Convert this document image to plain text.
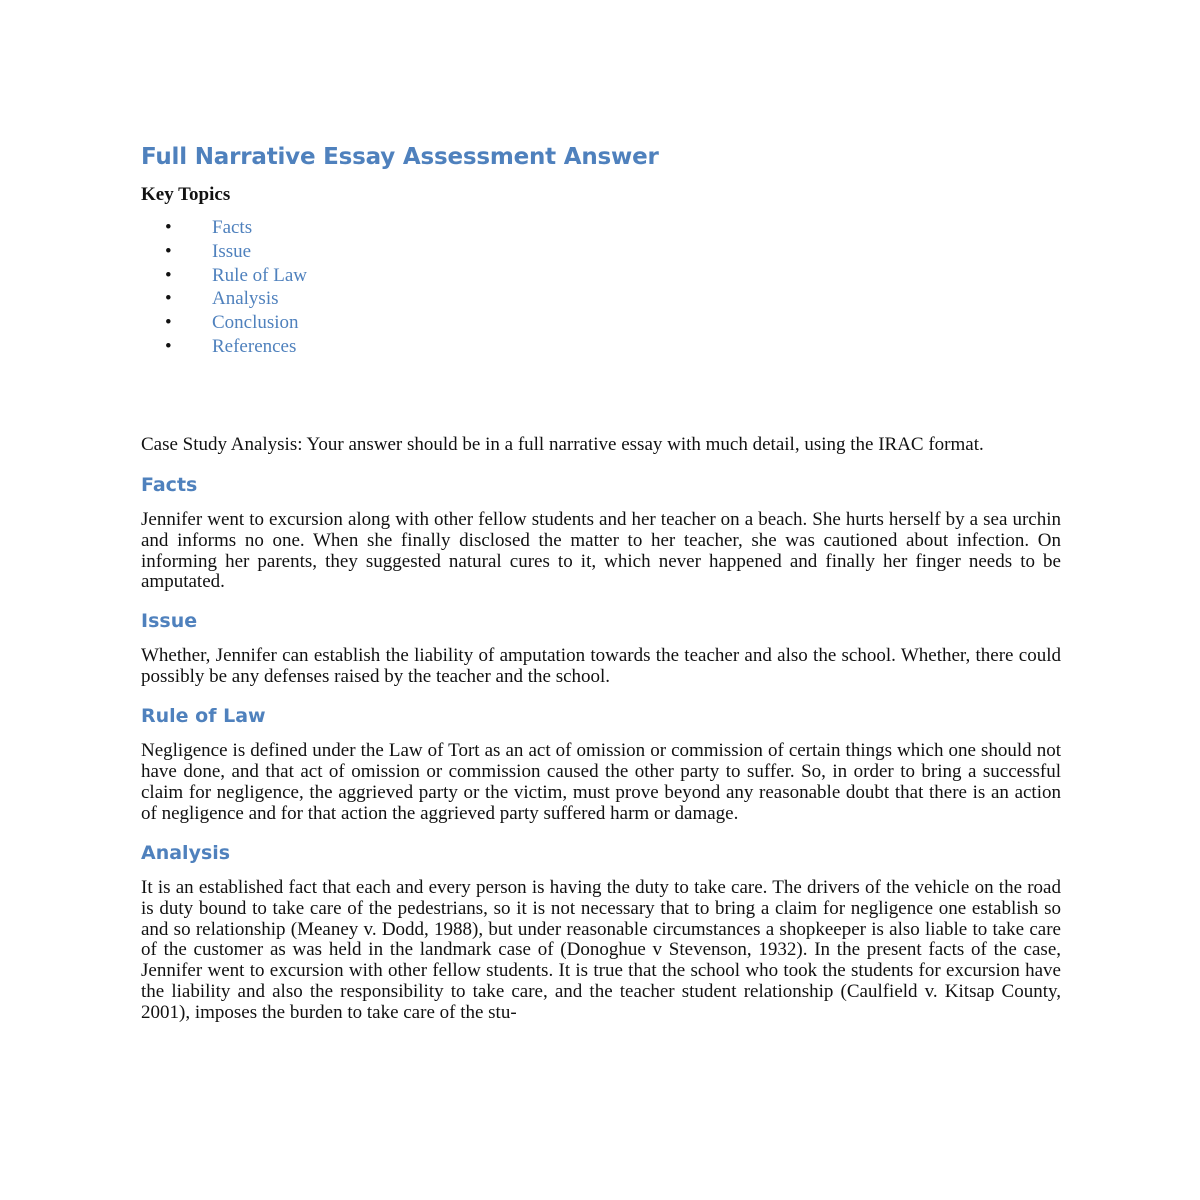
Full Narrative Essay Assessment Answer
Key Topics
• Facts
• Issue
• Rule of Law
• Analysis
• Conclusion
• References

Case Study Analysis: Your answer should be in a full narrative essay with much detail, using the IRAC format.

Facts

Jennifer went to excursion along with other fellow students and her teacher on a beach. She hurts herself by a sea urchin and informs no one. When she finally disclosed the matter to her teacher, she was cautioned about infection. On informing her parents, they suggested natural cures to it, which never happened and finally her finger needs to be amputated.

Issue

Whether, Jennifer can establish the liability of amputation towards the teacher and also the school. Whether, there could possibly be any defenses raised by the teacher and the school.

Rule of Law

Negligence is defined under the Law of Tort as an act of omission or commission of certain things which one should not have done, and that act of omission or commission caused the other party to suffer. So, in order to bring a successful claim for negligence, the aggrieved party or the victim, must prove beyond any reasonable doubt that there is an action of negligence and for that action the aggrieved party suffered harm or damage.

Analysis

It is an established fact that each and every person is having the duty to take care. The drivers of the vehicle on the road is duty bound to take care of the pedestrians, so it is not necessary that to bring a claim for negligence one establish so and so relationship (Meaney v. Dodd, 1988), but under reasonable circumstances a shopkeeper is also liable to take care of the customer as was held in the landmark case of (Donoghue v Stevenson, 1932). In the present facts of the case, Jennifer went to excursion with other fellow students. It is true that the school who took the students for excursion have the liability and also the responsibility to take care, and the teacher student relationship (Caulfield v. Kitsap County, 2001), imposes the burden to take care of the stu-
